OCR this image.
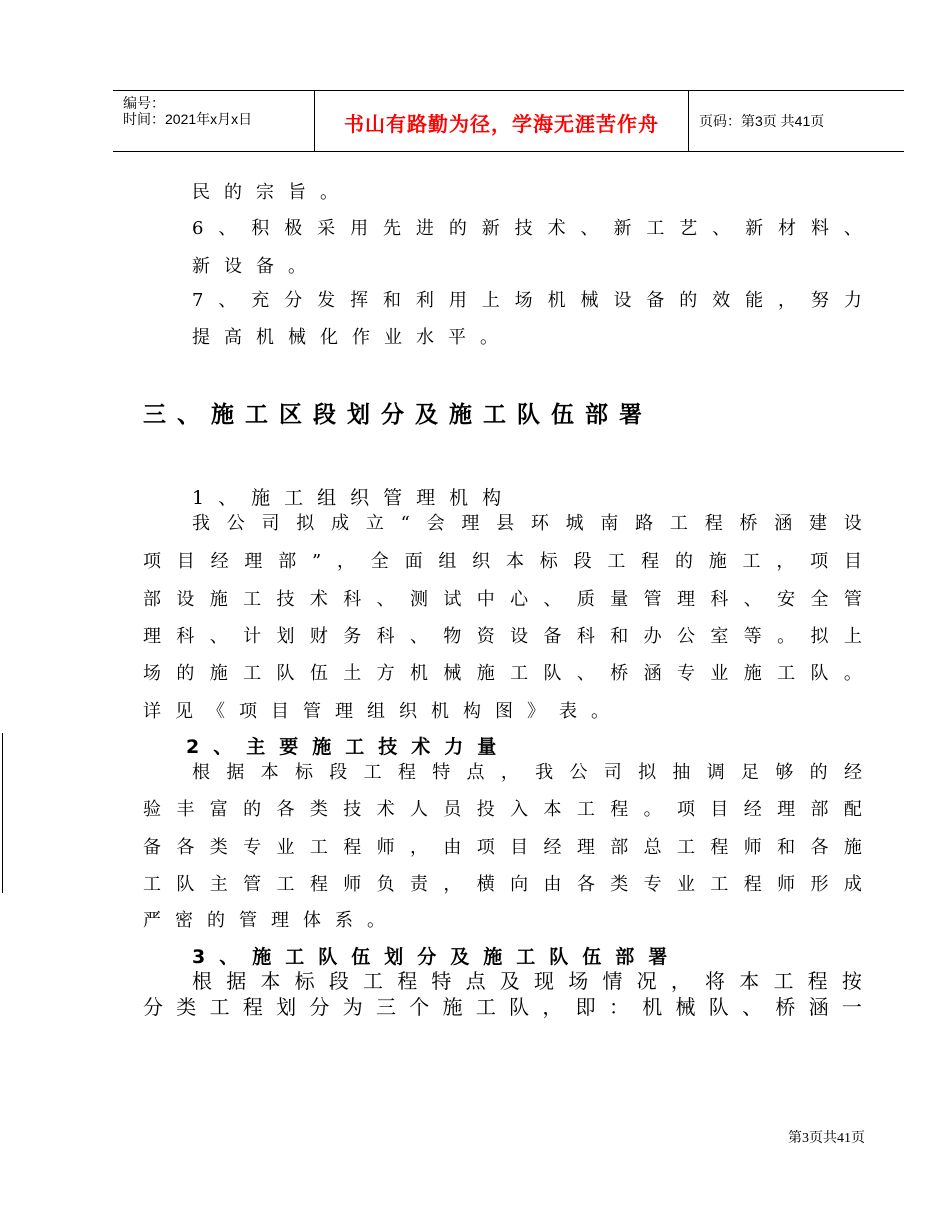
编号：
时间：2021年x月x日	书山有路勤为径，学海无涯苦作舟	页码：第3页 共41页
民的宗旨。
6 、 积 极 采 用 先 进 的 新 技 术 、 新 工 艺 、 新 材 料 、
新设备。
7 、 充 分 发 挥 和 利 用 上 场 机 械 设 备 的 效 能 ， 努 力
提高机械化作业水平。
三、施工区段划分及施工队伍部署
1、施工组织管理机构
我 公 司 拟 成 立 “ 会 理 县 环 城 南 路 工 程 桥 涵 建 设
项 目 经 理 部 ” ， 全 面 组 织 本 标 段 工 程 的 施 工 ， 项 目
部 设 施 工 技 术 科 、 测 试 中 心 、 质 量 管 理 科 、 安 全 管
理 科 、 计 划 财 务 科 、 物 资 设 备 科 和 办 公 室 等 。 拟 上
场 的 施 工 队 伍 土 方 机 械 施 工 队 、 桥 涵 专 业 施 工 队 。
详见《项目管理组织机构图》表。
2、主要施工技术力量
根 据 本 标 段 工 程 特 点 ， 我 公 司 拟 抽 调 足 够 的 经
验 丰 富 的 各 类 技 术 人 员 投 入 本 工 程 。 项 目 经 理 部 配
备 各 类 专 业 工 程 师 ， 由 项 目 经 理 部 总 工 程 师 和 各 施
工 队 主 管 工 程 师 负 责 ， 横 向 由 各 类 专 业 工 程 师 形 成
严密的管理体系。
3、施工队伍划分及施工队伍部署
根 据 本 标 段 工 程 特 点 及 现 场 情 况 ， 将 本 工 程 按
分 类 工 程 划 分 为 三 个 施 工 队 ， 即 ： 机 械 队 、 桥 涵 一
第3页共41页
